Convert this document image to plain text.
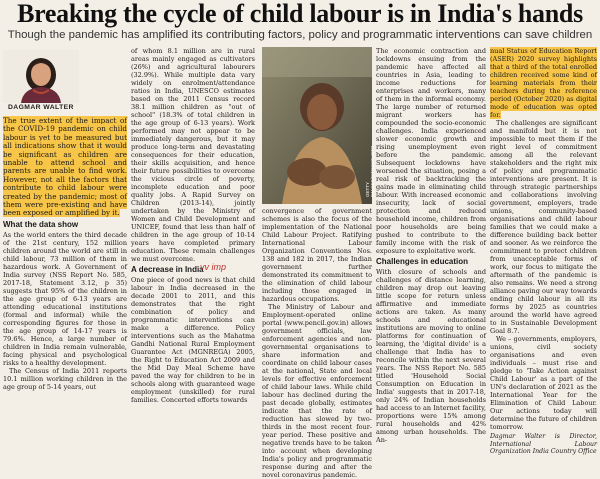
Breaking the cycle of child labour is in India's hands
Though the pandemic has amplified its contributing factors, policy and programmatic interventions can save children
DAGMAR WALTER

The true extent of the impact of the COVID-19 pandemic on child labour is yet to be measured but all indications show that it would be significant as children are unable to attend school and parents are unable to find work. However, not all the factors that contribute to child labour were created by the pandemic; most of them were pre-existing and have been exposed or amplified by it.

What the data show

As the world enters the third decade of the 21st century, 152 million children around the world are still in child labour, 73 million of them in hazardous work. A Government of India survey (NSS Report No. 585, 2017-18, Statement 3.12, p 35) suggests that 95% of the children in the age group of 6-13 years are attending educational institutions (formal and informal) while the corresponding figures for those in the age group of 14-17 years is 79.6%. Hence, a large number of children in India remain vulnerable, facing physical and psychological risks to a healthy development.

The Census of India 2011 reports 10.1 million working children in the age group of 5-14 years, out

of whom 8.1 million are in rural areas mainly engaged as cultivators (26%) and agricultural labourers (32.9%). While multiple data vary widely on enrolment/attendance ratios in India, UNESCO estimates based on the 2011 Census record 38.1 million children as "out of school" (18.3% of total children in the age group of 6-13 years). Work performed may not appear to be immediately dangerous, but it may produce long-term and devastating consequences for their education, their skills acquisition, and hence their future possibilities to overcome the vicious circle of poverty, incomplete education and poor quality jobs. A Rapid Survey on Children (2013-14), jointly undertaken by the Ministry of Women and Child Development and UNICEF, found that less than half of children in the age group of 10-14 years have completed primary education. These remain challenges we must overcome.

A decrease in India

One piece of good news is that child labour in India decreased in the decade 2001 to 2011, and this demonstrates that the right combination of policy and programmatic interventions can make a difference. Policy interventions such as the Mahatma Gandhi National Rural Employment Guarantee Act (MGNREGA) 2005, the Right to Education Act 2009 and the Mid Day Meal Scheme have paved the way for children to be in schools along with guaranteed wage employment (unskilled) for rural families. Concerted efforts towards

vv imp
GETTY IMAGES/ISTOCKPHOTO

convergence of government schemes is also the focus of the implementation of the National Child Labour Project. Ratifying International Labour Organization Conventions Nos. 138 and 182 in 2017, the Indian government further demonstrated its commitment to the elimination of child labour including those engaged in hazardous occupations.

The Ministry of Labour and Employment-operated online portal (www.pencil.gov.in) allows government officials, law enforcement agencies and non-governmental organisations to share information and coordinate on child labour cases at the national, State and local levels for effective enforcement of child labour laws. While child labour has declined during the past decade globally, estimates indicate that the rate of reduction has slowed by two-thirds in the most recent four-year period. These positive and negative trends have to be taken into account when developing India's policy and programmatic response during and after the novel coronavirus pandemic.

The economic contraction and lockdowns ensuing from the pandemic have affected all countries in Asia, leading to income reductions for enterprises and workers, many of them in the informal economy. The large number of returned migrant workers has compounded the socio-economic challenges. India experienced slower economic growth and rising unemployment even before the pandemic. Subsequent lockdowns have worsened the situation, posing a real risk of backtracking the gains made in eliminating child labour. With increased economic insecurity, lack of social protection and reduced household income, children from poor households are being pushed to contribute to the family income with the risk of exposure to exploitative work.

Challenges in education

With closure of schools and challenges of distance learning, children may drop out leaving little scope for return unless affirmative and immediate actions are taken. As many schools and educational institutions are moving to online platforms for continuation of learning, the 'digital divide' is a challenge that India has to reconcile within the next several years. The NSS Report No. 585 titled 'Household Social Consumption on Education in India' suggests that in 2017-18, only 24% of Indian households had access to an Internet facility, proportions were 15% among rural households and 42% among urban households. The An-

nual Status of Education Report (ASER) 2020 survey highlights that a third of the total enrolled children received some kind of learning materials from their teachers during the reference period (October 2020) as digital mode of education was opted for.

The challenges are significant and manifold but it is not impossible to meet them if the right level of commitment among all the relevant stakeholders and the right mix of policy and programmatic interventions are present. It is through strategic partnerships and collaborations involving government, employers, trade unions, community-based organisations and child labour families that we could make a difference building back better and sooner. As we reinforce the commitment to protect children from unacceptable forms of work, our focus to mitigate the aftermath of the pandemic is also remains. We need a strong alliance paving our way towards ending child labour in all its forms by 2025 as countries around the world have agreed to in Sustainable Development Goal 8.7.

We – governments, employers, unions, civil society organisations and even individuals – must rise and pledge to 'Take Action against Child Labour' as a part of the UN's declaration of 2021 as the International Year for the Elimination of Child Labour. Our actions today will determine the future of children tomorrow.

Dagmar Walter is Director, International Labour Organization India Country Office
